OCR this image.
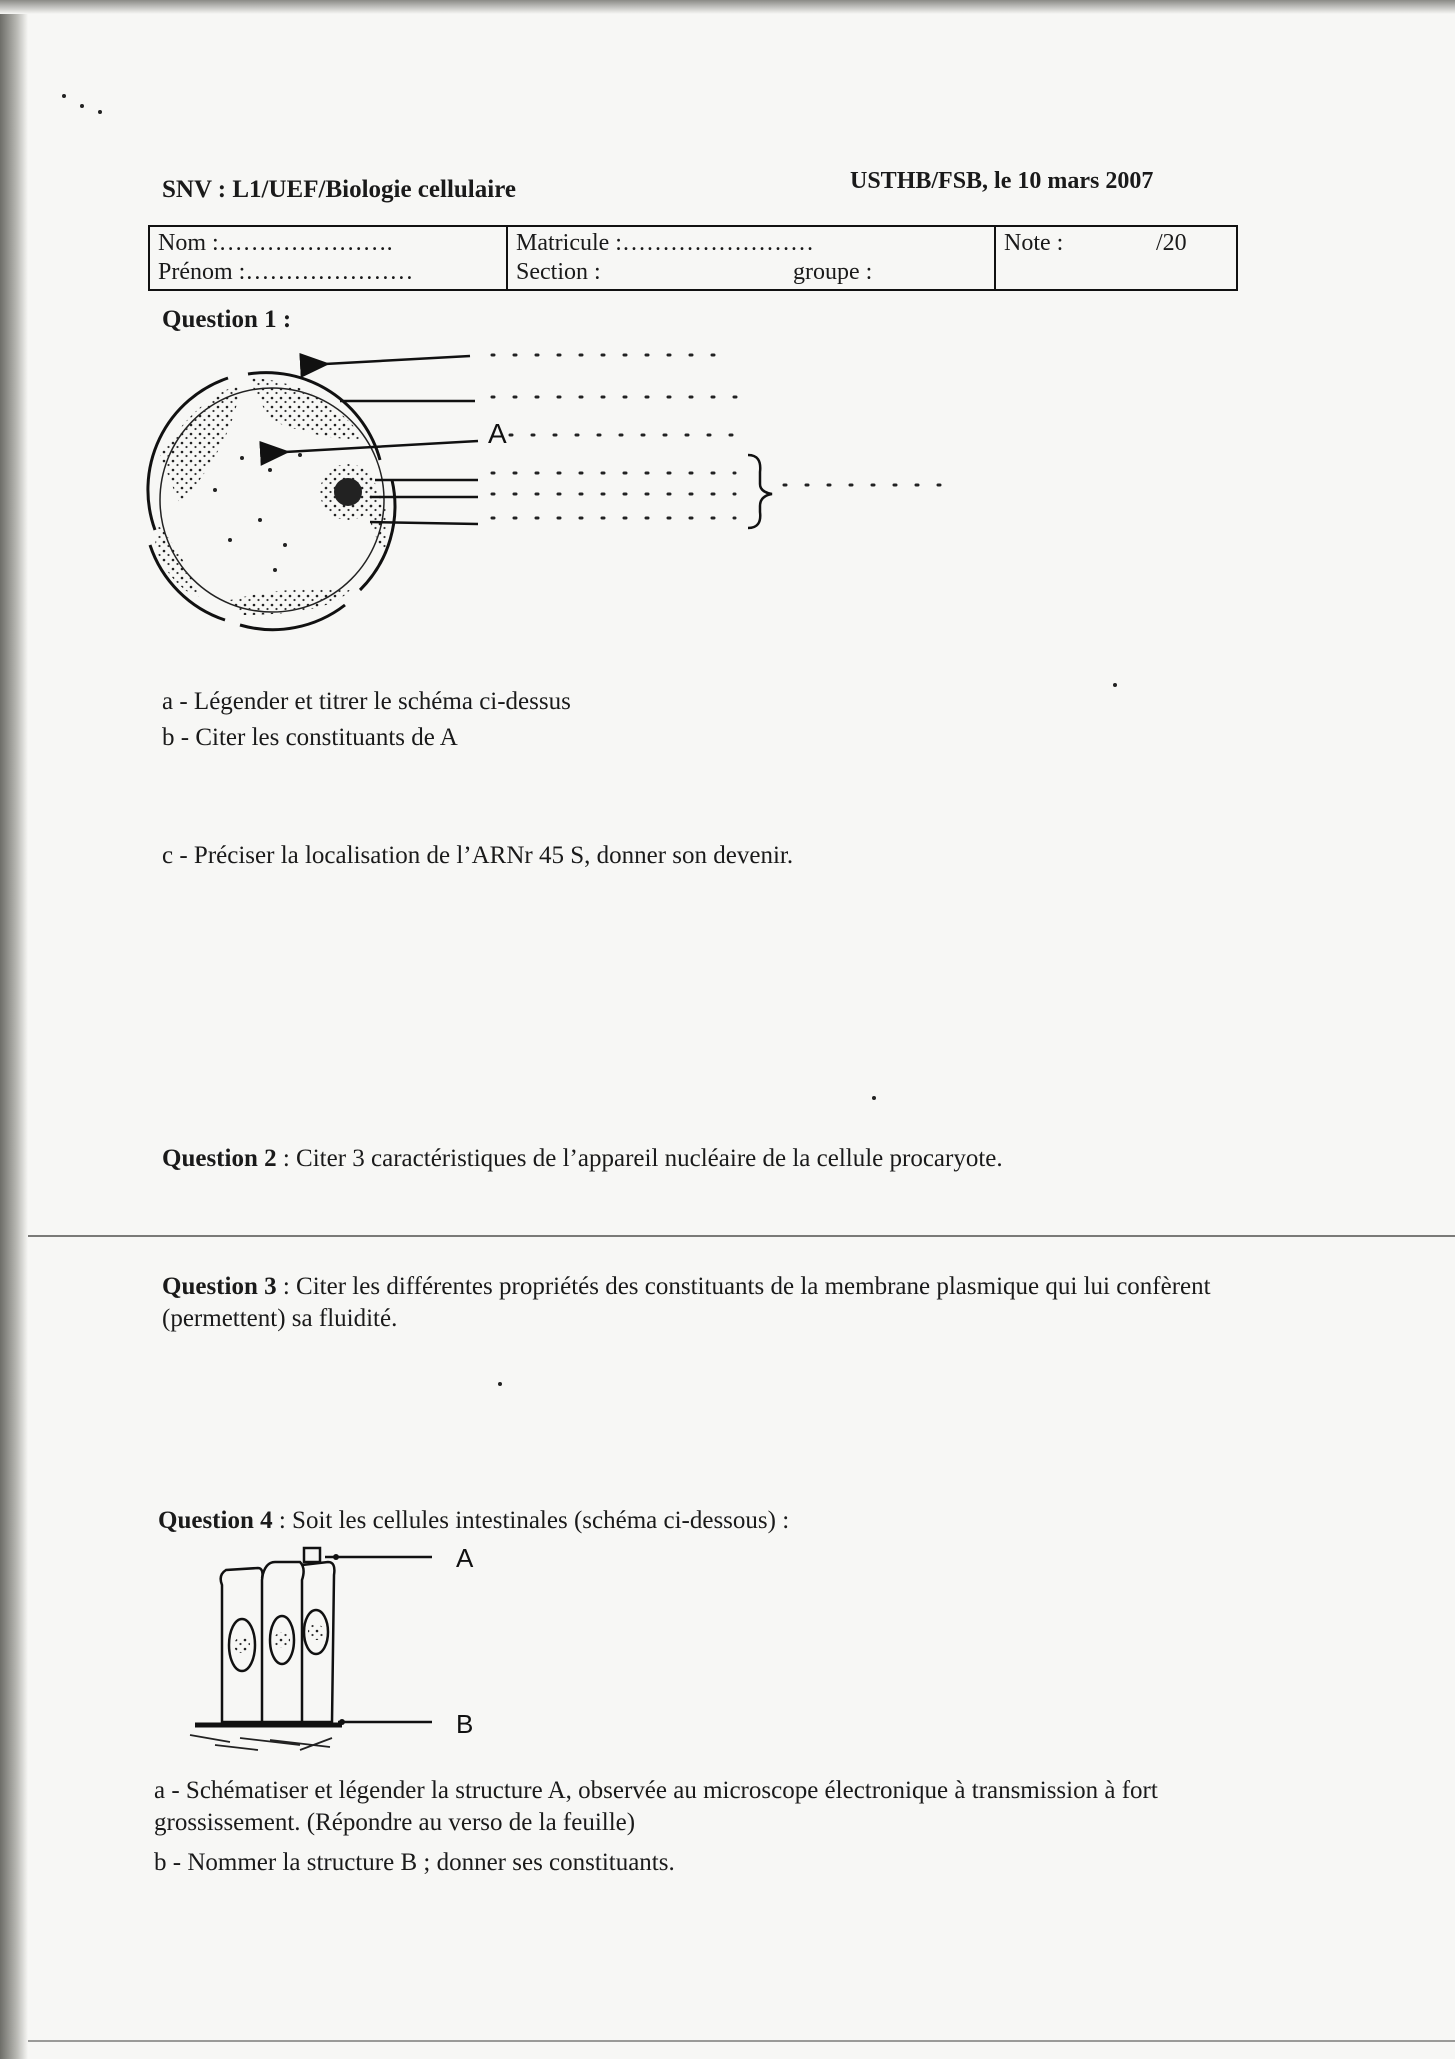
SNV : L1/UEF/Biologie cellulaire	USTHB/FSB, le 10 mars 2007
Nom :………………….
Prénom :…………………
Matricule :……………………
Section :	groupe :
Note :	/20
Question 1 :
A
A
B
a - Légender et titrer le schéma ci-dessus
b - Citer les constituants de A
c - Préciser la localisation de l’ARNr 45 S, donner son devenir.
Question 2 : Citer 3 caractéristiques de l’appareil nucléaire de la cellule procaryote.
Question 3 : Citer les différentes propriétés des constituants de la membrane plasmique qui lui confèrent (permettent) sa fluidité.
Question 4 : Soit les cellules intestinales (schéma ci-dessous) :
a - Schématiser et légender la structure A, observée au microscope électronique à transmission à fort grossissement. (Répondre au verso de la feuille)
b - Nommer la structure B ; donner ses constituants.
